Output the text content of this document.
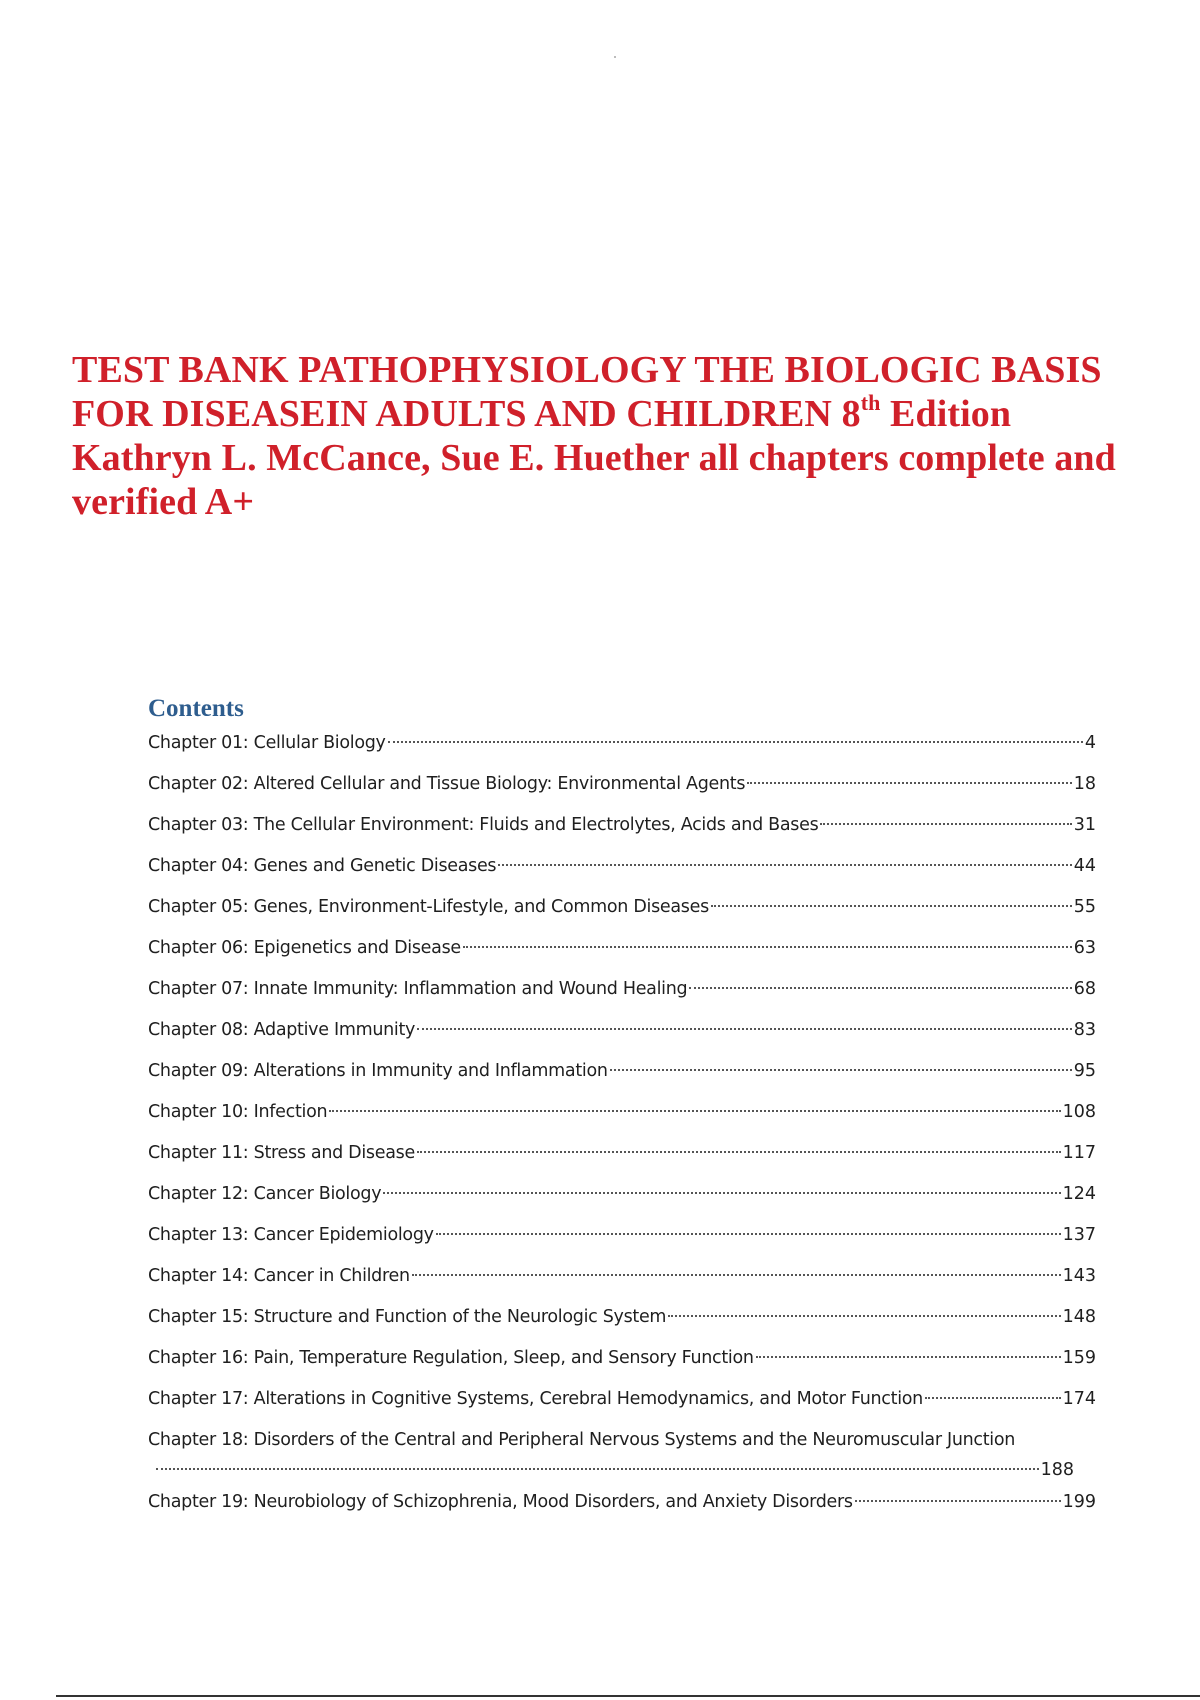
TEST BANK PATHOPHYSIOLOGY THE BIOLOGIC BASIS
FOR DISEASEIN ADULTS AND CHILDREN 8th Edition
Kathryn L. McCance, Sue E. Huether all chapters complete and
verified A+
Contents
Chapter 01: Cellular Biology	4
Chapter 02: Altered Cellular and Tissue Biology: Environmental Agents	18
Chapter 03: The Cellular Environment: Fluids and Electrolytes, Acids and Bases	31
Chapter 04: Genes and Genetic Diseases	44
Chapter 05: Genes, Environment-Lifestyle, and Common Diseases	55
Chapter 06: Epigenetics and Disease	63
Chapter 07: Innate Immunity: Inflammation and Wound Healing	68
Chapter 08: Adaptive Immunity	83
Chapter 09: Alterations in Immunity and Inflammation	95
Chapter 10: Infection	108
Chapter 11: Stress and Disease	117
Chapter 12: Cancer Biology	124
Chapter 13: Cancer Epidemiology	137
Chapter 14: Cancer in Children	143
Chapter 15: Structure and Function of the Neurologic System	148
Chapter 16: Pain, Temperature Regulation, Sleep, and Sensory Function	159
Chapter 17: Alterations in Cognitive Systems, Cerebral Hemodynamics, and Motor Function	174
Chapter 18: Disorders of the Central and Peripheral Nervous Systems and the Neuromuscular Junction
188
Chapter 19: Neurobiology of Schizophrenia, Mood Disorders, and Anxiety Disorders	199
